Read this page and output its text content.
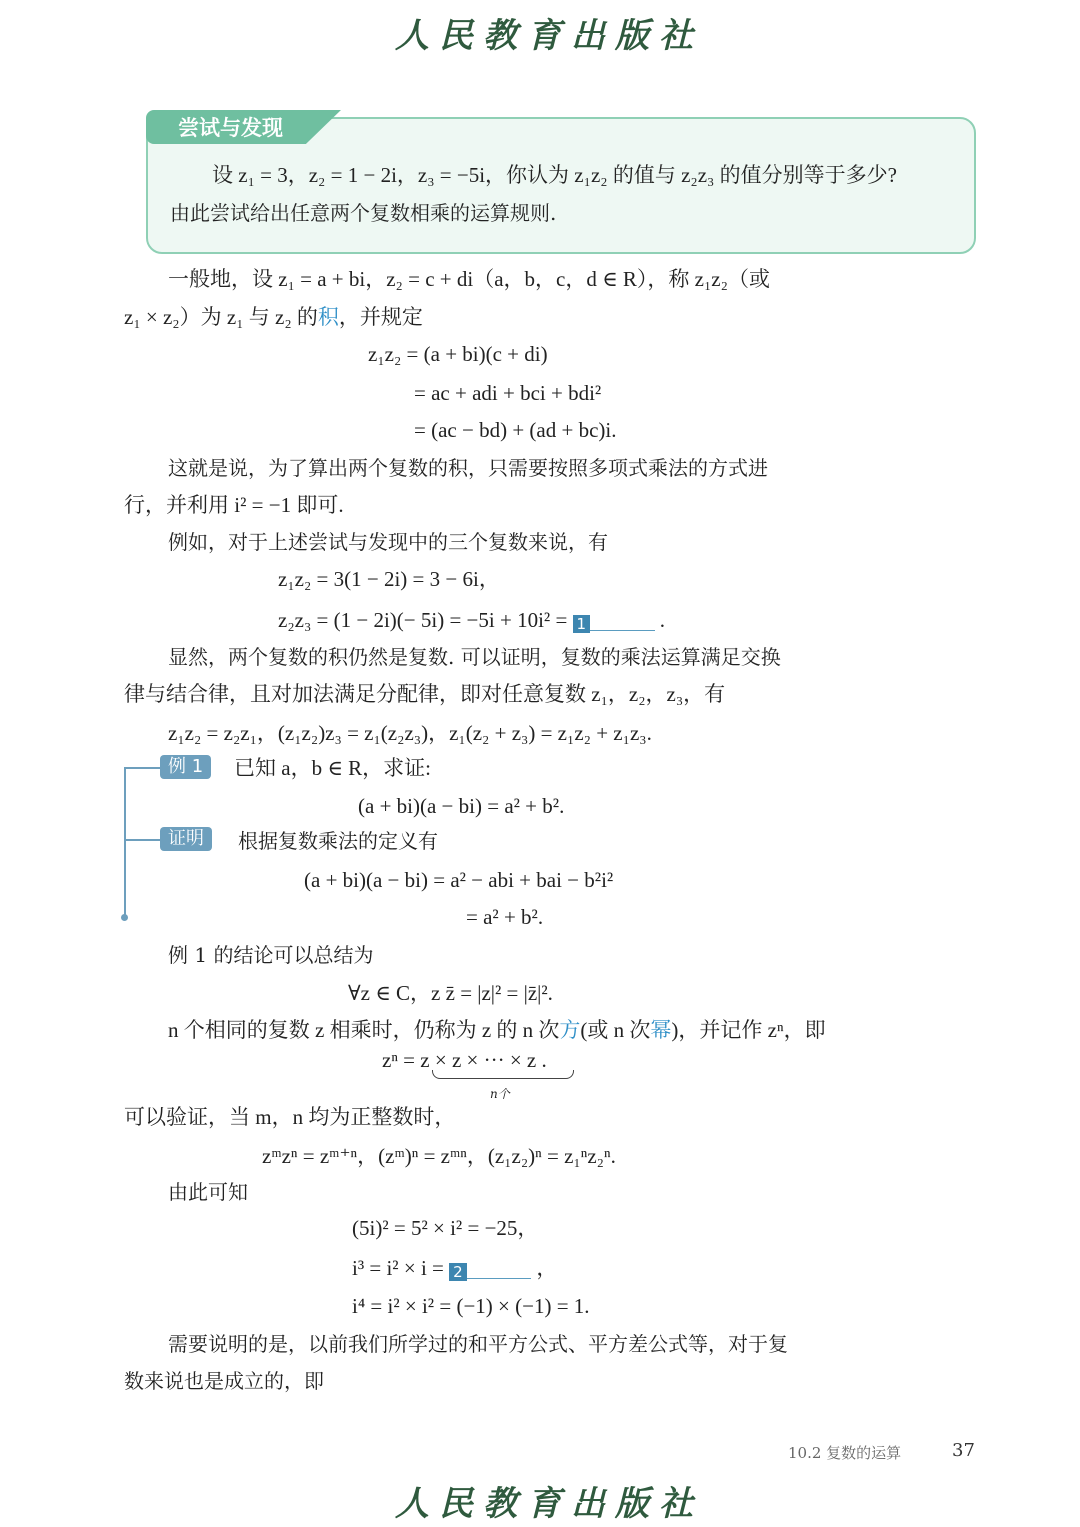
人民教育出版社
尝试与发现
设 z₁ = 3，z₂ = 1 − 2i，z₃ = −5i，你认为 z₁z₂ 的值与 z₂z₃ 的值分别等于多少?
由此尝试给出任意两个复数相乘的运算规则.
一般地，设 z₁ = a + bi，z₂ = c + di（a，b，c，d ∈ R），称 z₁z₂（或
z₁ × z₂）为 z₁ 与 z₂ 的积，并规定
z₁z₂ = (a + bi)(c + di)
= ac + adi + bci + bdi²
= (ac − bd) + (ad + bc)i.
这就是说，为了算出两个复数的积，只需要按照多项式乘法的方式进
行，并利用 i² = −1 即可.
例如，对于上述尝试与发现中的三个复数来说，有
z₁z₂ = 3(1 − 2i) = 3 − 6i，
z₂z₃ = (1 − 2i)(− 5i) = −5i + 10i² = 1	.
显然，两个复数的积仍然是复数. 可以证明，复数的乘法运算满足交换
律与结合律，且对加法满足分配律，即对任意复数 z₁，z₂，z₃，有
z₁z₂ = z₂z₁，(z₁z₂)z₃ = z₁(z₂z₃)，z₁(z₂ + z₃) = z₁z₂ + z₁z₃.
例 1	已知 a，b ∈ R，求证:
(a + bi)(a − bi) = a² + b².
证明	根据复数乘法的定义有
(a + bi)(a − bi) = a² − abi + bai − b²i²
= a² + b².
例 1 的结论可以总结为
∀z ∈ C，z z̄ = |z|² = |z̄|².
n 个相同的复数 z 相乘时，仍称为 z 的 n 次方(或 n 次幂)，并记作 zⁿ，即
zⁿ = z × z × ··· × z .
n个
可以验证，当 m，n 均为正整数时，
zᵐzⁿ = zᵐ⁺ⁿ，(zᵐ)ⁿ = zᵐⁿ，(z₁z₂)ⁿ = z₁ⁿz₂ⁿ.
由此可知
(5i)² = 5² × i² = −25，
i³ = i² × i = 2	，
i⁴ = i² × i² = (−1) × (−1) = 1.
需要说明的是，以前我们所学过的和平方公式、平方差公式等，对于复
数来说也是成立的，即
10.2 复数的运算	37
人民教育出版社
